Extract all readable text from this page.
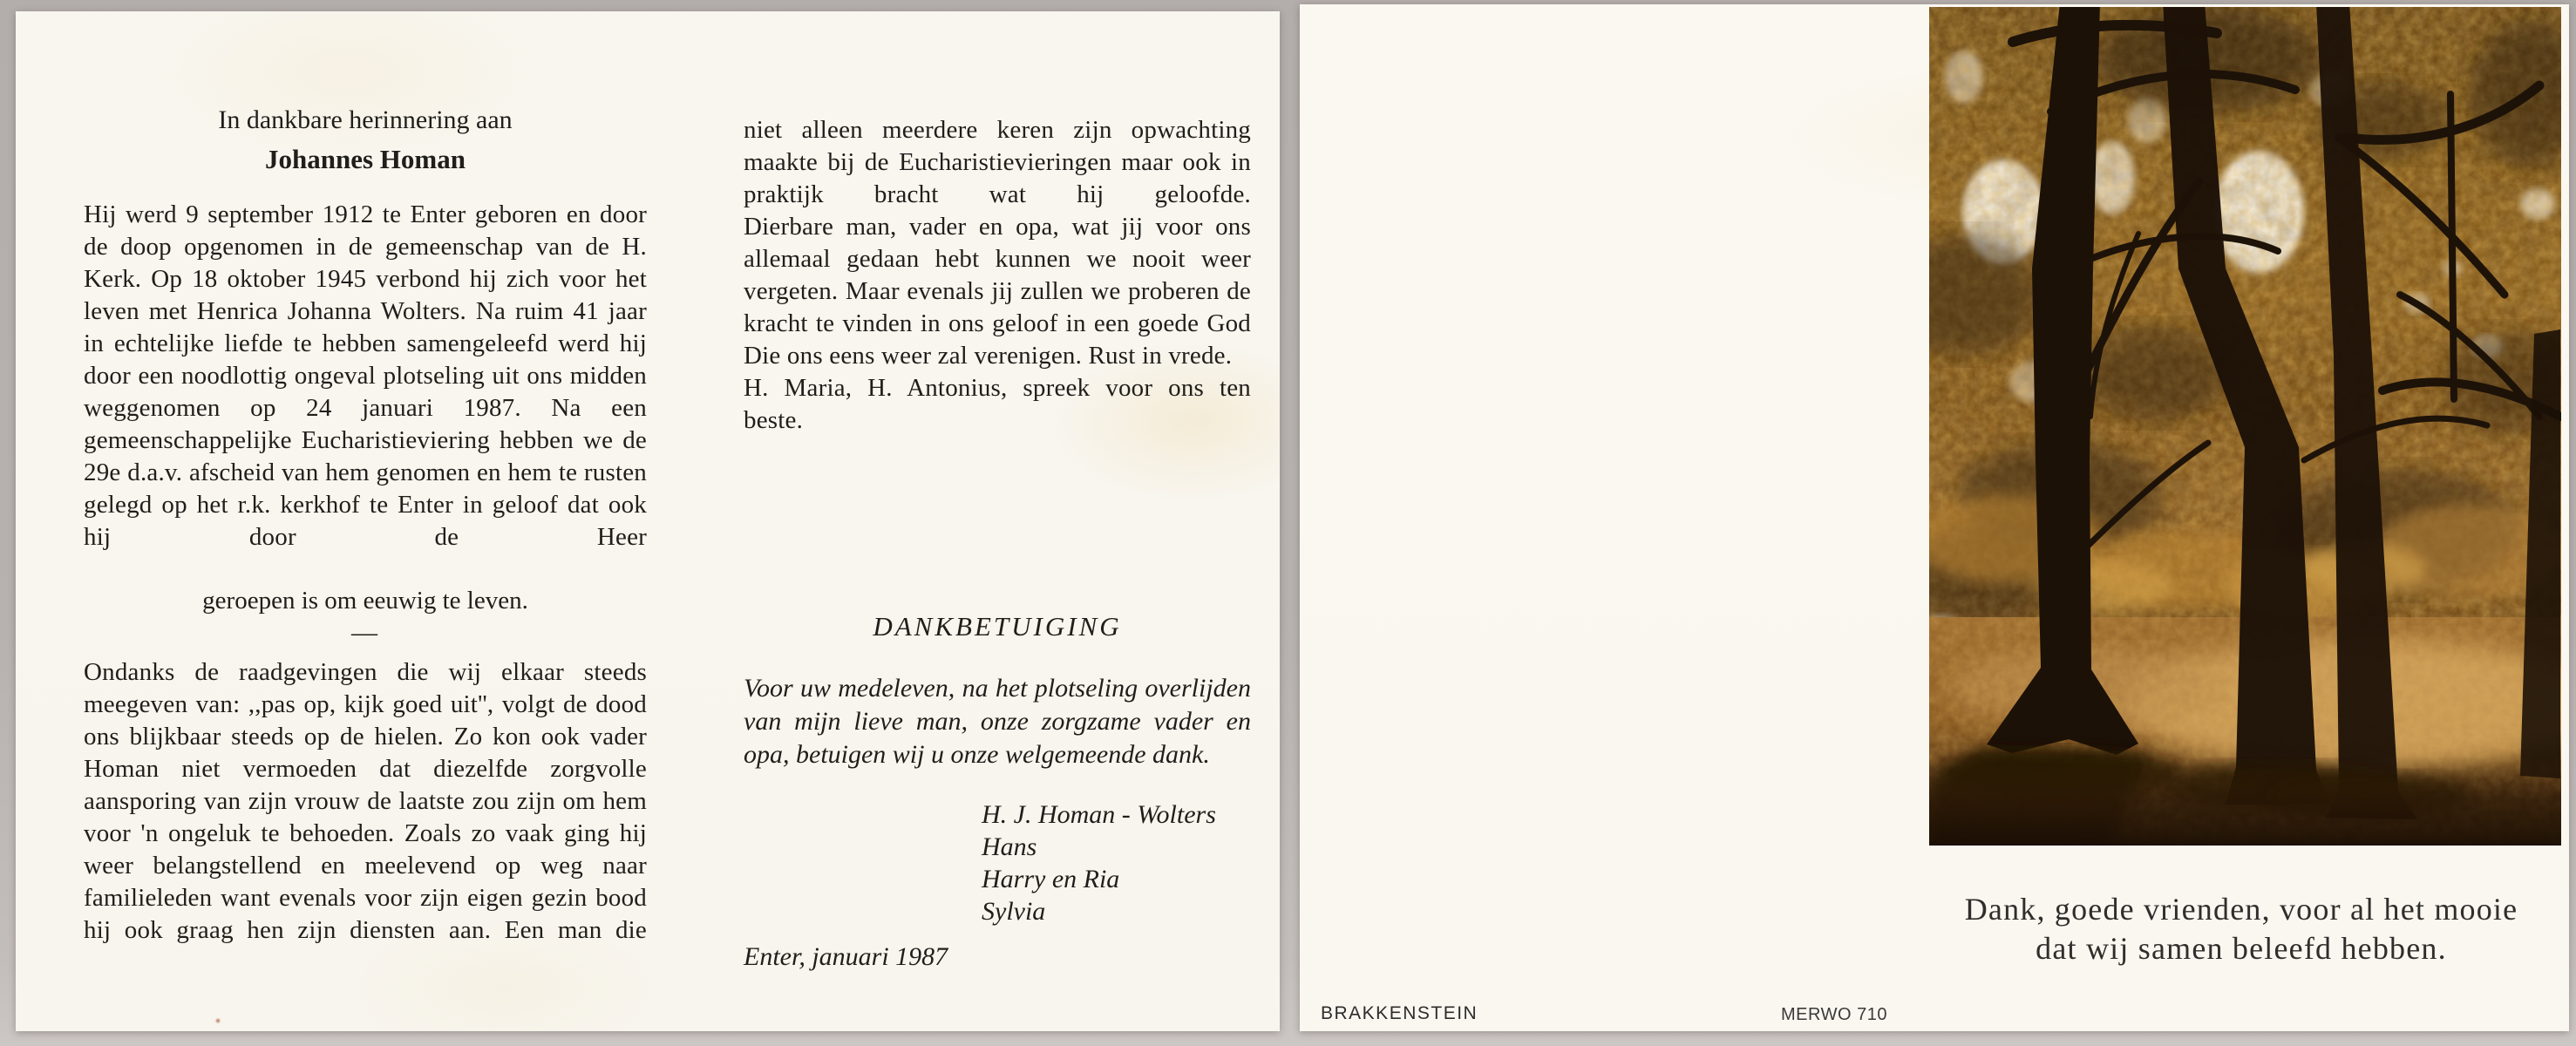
In dankbare herinnering aan
Johannes Homan
Hij werd 9 september 1912 te Enter geboren en door de doop opgenomen in de gemeenschap van de H. Kerk. Op 18 oktober 1945 verbond hij zich voor het leven met Henrica Johanna Wolters. Na ruim 41 jaar in echtelijke liefde te hebben samengeleefd werd hij door een noodlottig ongeval plotseling uit ons midden weggenomen op 24 januari 1987. Na een gemeenschappelijke Eucharistieviering hebben we de 29e d.a.v. afscheid van hem genomen en hem te rusten gelegd op het r.k. kerkhof te Enter in geloof dat ook hij door de Heer
geroepen is om eeuwig te leven.
—
Ondanks de raadgevingen die wij elkaar steeds meegeven van: ,,pas op, kijk goed uit'', volgt de dood ons blijkbaar steeds op de hielen. Zo kon ook vader Homan niet vermoeden dat diezelfde zorgvolle aansporing van zijn vrouw de laatste zou zijn om hem voor 'n ongeluk te behoeden. Zoals zo vaak ging hij weer belangstellend en meelevend op weg naar familieleden want evenals voor zijn eigen gezin bood hij ook graag hen zijn diensten aan. Een man die
niet alleen meerdere keren zijn opwachting maakte bij de Eucharistievieringen maar ook in praktijk bracht wat hij geloofde.
Dierbare man, vader en opa, wat jij voor ons allemaal gedaan hebt kunnen we nooit weer vergeten. Maar evenals jij zullen we proberen de kracht te vinden in ons geloof in een goede God Die ons eens weer zal verenigen. Rust in vrede.
H. Maria, H. Antonius, spreek voor ons ten beste.
DANKBETUIGING
Voor uw medeleven, na het plotseling overlijden van mijn lieve man, onze zorgzame vader en opa, betuigen wij u onze welgemeende dank.
H. J. Homan - Wolters
Hans
Harry en Ria
Sylvia
Enter, januari 1987
BRAKKENSTEIN	MERWO 710
Dank, goede vrienden, voor al het mooie
dat wij samen beleefd hebben.
